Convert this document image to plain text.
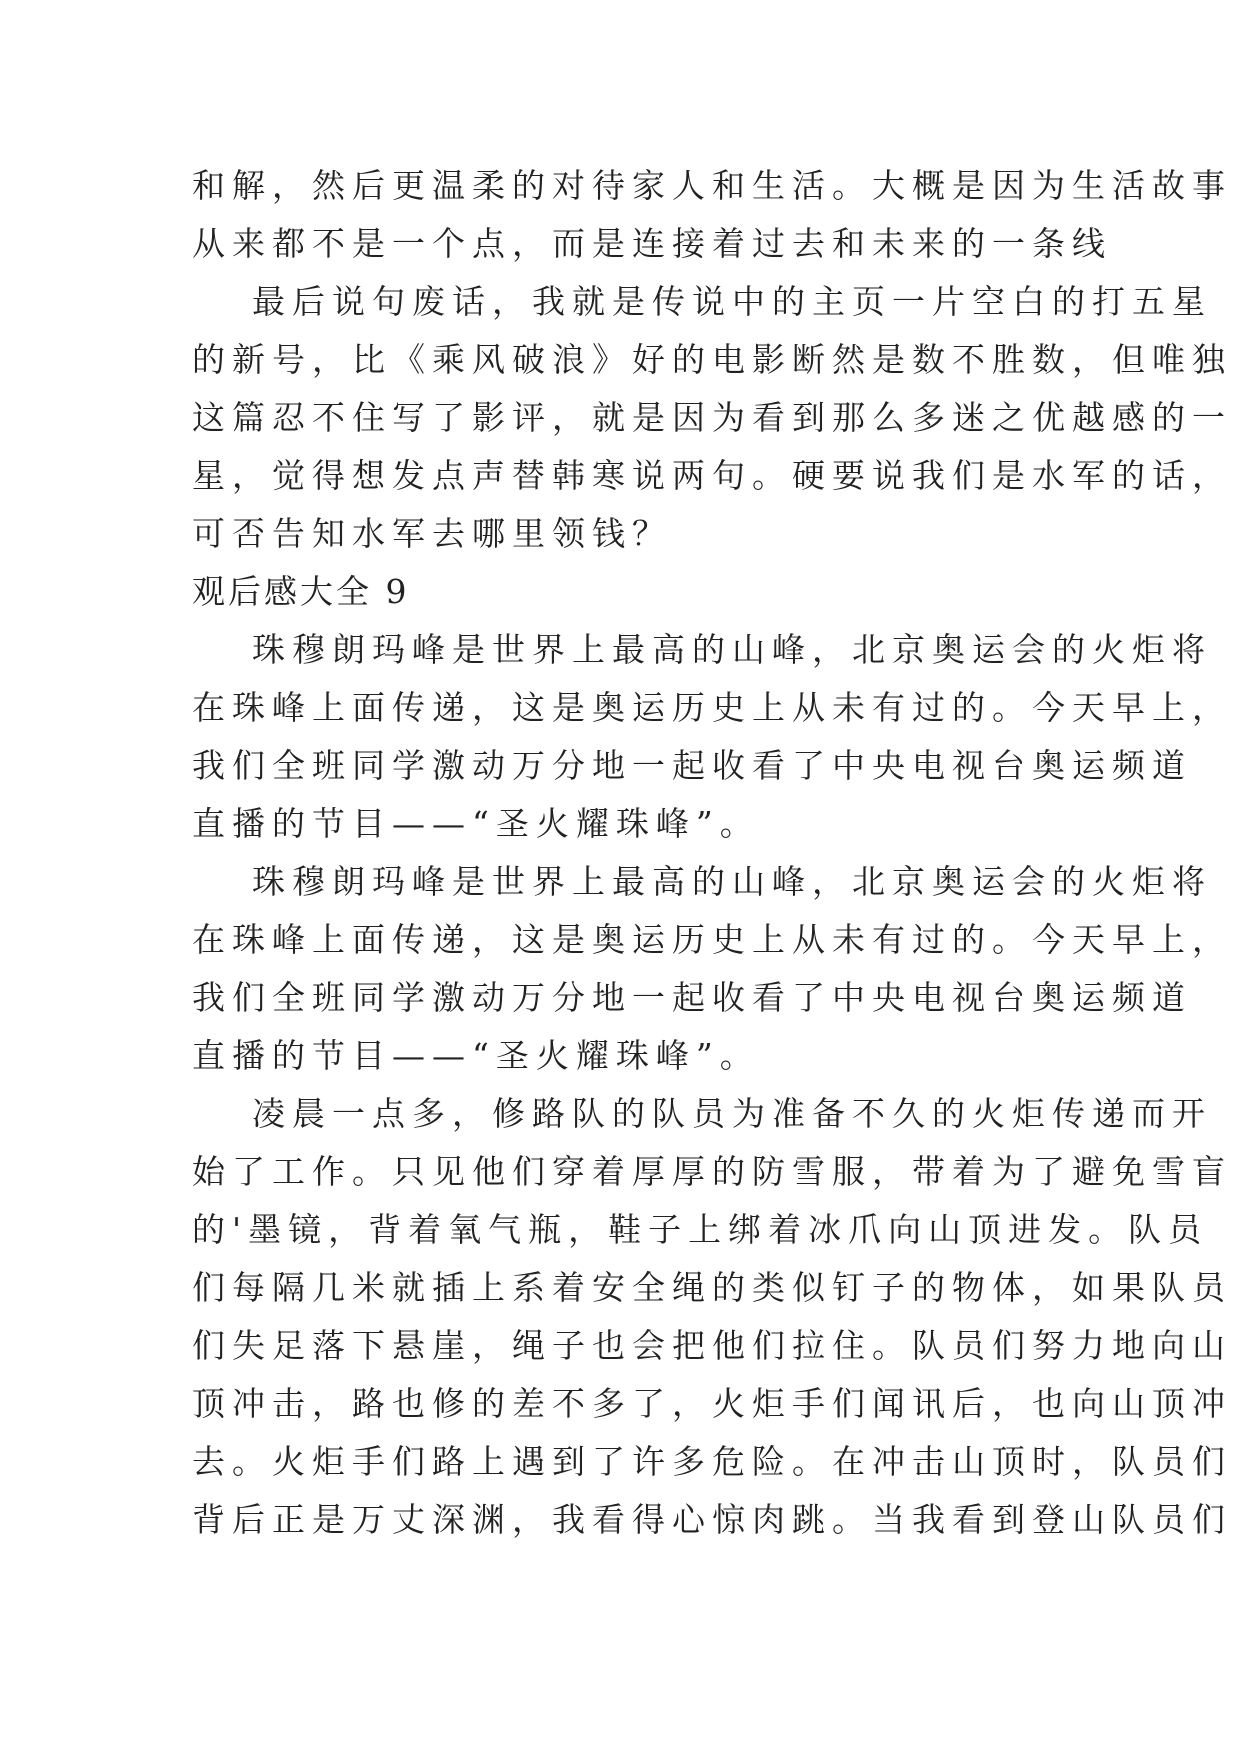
和解，然后更温柔的对待家人和生活。大概是因为生活故事
从来都不是一个点，而是连接着过去和未来的一条线
最后说句废话，我就是传说中的主页一片空白的打五星
的新号，比《乘风破浪》好的电影断然是数不胜数，但唯独
这篇忍不住写了影评，就是因为看到那么多迷之优越感的一
星，觉得想发点声替韩寒说两句。硬要说我们是水军的话，
可否告知水军去哪里领钱？
观后感大全 9
珠穆朗玛峰是世界上最高的山峰，北京奥运会的火炬将
在珠峰上面传递，这是奥运历史上从未有过的。今天早上，
我们全班同学激动万分地一起收看了中央电视台奥运频道
直播的节目——“圣火耀珠峰”。
珠穆朗玛峰是世界上最高的山峰，北京奥运会的火炬将
在珠峰上面传递，这是奥运历史上从未有过的。今天早上，
我们全班同学激动万分地一起收看了中央电视台奥运频道
直播的节目——“圣火耀珠峰”。
凌晨一点多，修路队的队员为准备不久的火炬传递而开
始了工作。只见他们穿着厚厚的防雪服，带着为了避免雪盲
的'墨镜，背着氧气瓶，鞋子上绑着冰爪向山顶进发。队员
们每隔几米就插上系着安全绳的类似钉子的物体，如果队员
们失足落下悬崖，绳子也会把他们拉住。队员们努力地向山
顶冲击，路也修的差不多了，火炬手们闻讯后，也向山顶冲
去。火炬手们路上遇到了许多危险。在冲击山顶时，队员们
背后正是万丈深渊，我看得心惊肉跳。当我看到登山队员们
